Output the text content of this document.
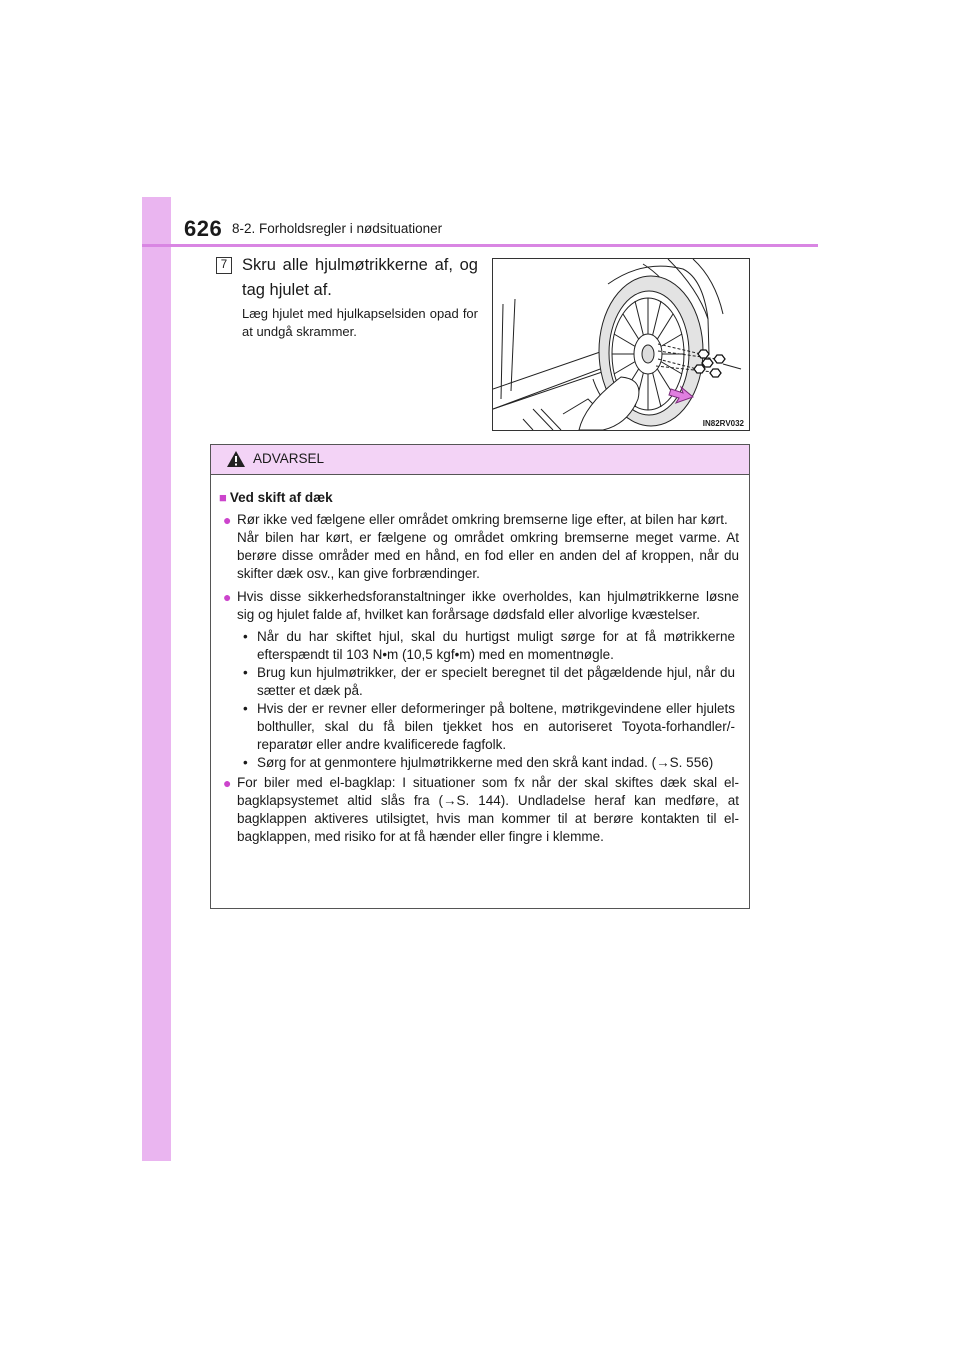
626 8-2. Forholdsregler i nødsituationer
7 Skru alle hjulmøtrikkerne af, og tag hjulet af.
Læg hjulet med hjulkapselsiden opad for at undgå skrammer.
IN82RV032
ADVARSEL
■ Ved skift af dæk
● Rør ikke ved fælgene eller området omkring bremserne lige efter, at bilen har kørt.
Når bilen har kørt, er fælgene og området omkring bremserne meget varme. At berøre disse områder med en hånd, en fod eller en anden del af kroppen, når du skifter dæk osv., kan give forbrændinger.
● Hvis disse sikkerhedsforanstaltninger ikke overholdes, kan hjulmøtrikkerne løsne sig og hjulet falde af, hvilket kan forårsage dødsfald eller alvorlige kvæstelser.
• Når du har skiftet hjul, skal du hurtigst muligt sørge for at få møtrikkerne efterspændt til 103 N•m (10,5 kgf•m) med en momentnøgle.
• Brug kun hjulmøtrikker, der er specielt beregnet til det pågældende hjul, når du sætter et dæk på.
• Hvis der er revner eller deformeringer på boltene, møtrikgevindene eller hjulets bolthuller, skal du få bilen tjekket hos en autoriseret Toyota-forhandler/-reparatør eller andre kvalificerede fagfolk.
• Sørg for at genmontere hjulmøtrikkerne med den skrå kant indad. (→S. 556)
● For biler med el-bagklap: I situationer som fx når der skal skiftes dæk skal el-bagklapsystemet altid slås fra (→S. 144). Undladelse heraf kan medføre, at bagklappen aktiveres utilsigtet, hvis man kommer til at berøre kontakten til el-bagklappen, med risiko for at få hænder eller fingre i klemme.
